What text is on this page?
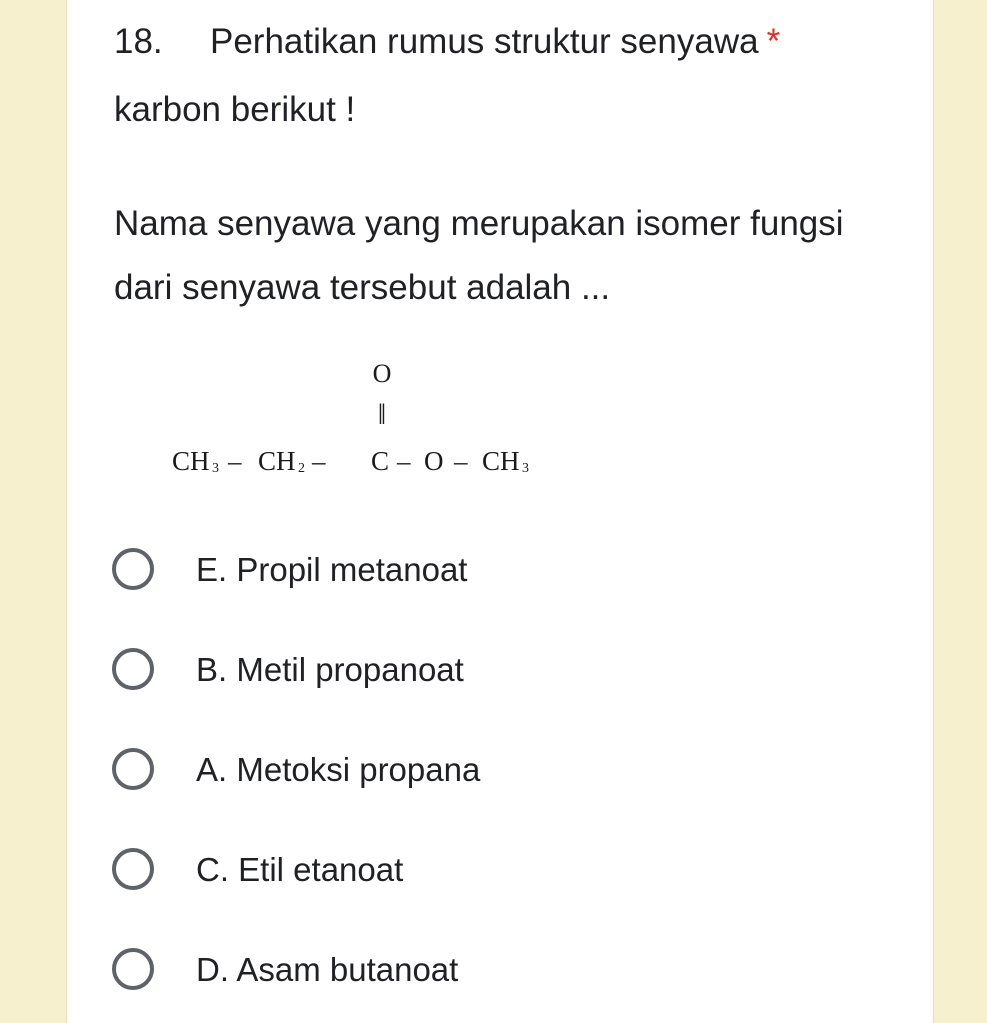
18. Perhatikan rumus struktur senyawa *
karbon berikut !

Nama senyawa yang merupakan isomer fungsi dari senyawa tersebut adalah ...

O
‖
CH 3 – CH 2 – C – O – CH 3
E. Propil metanoat
B. Metil propanoat
A. Metoksi propana
C. Etil etanoat
D. Asam butanoat
